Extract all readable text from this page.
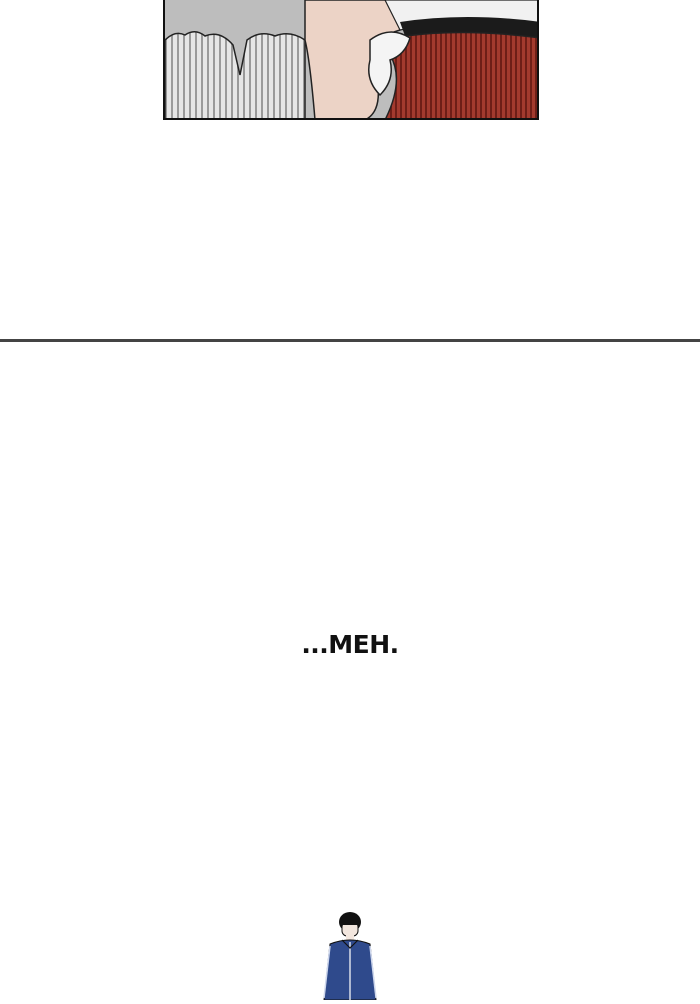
...MEH.
